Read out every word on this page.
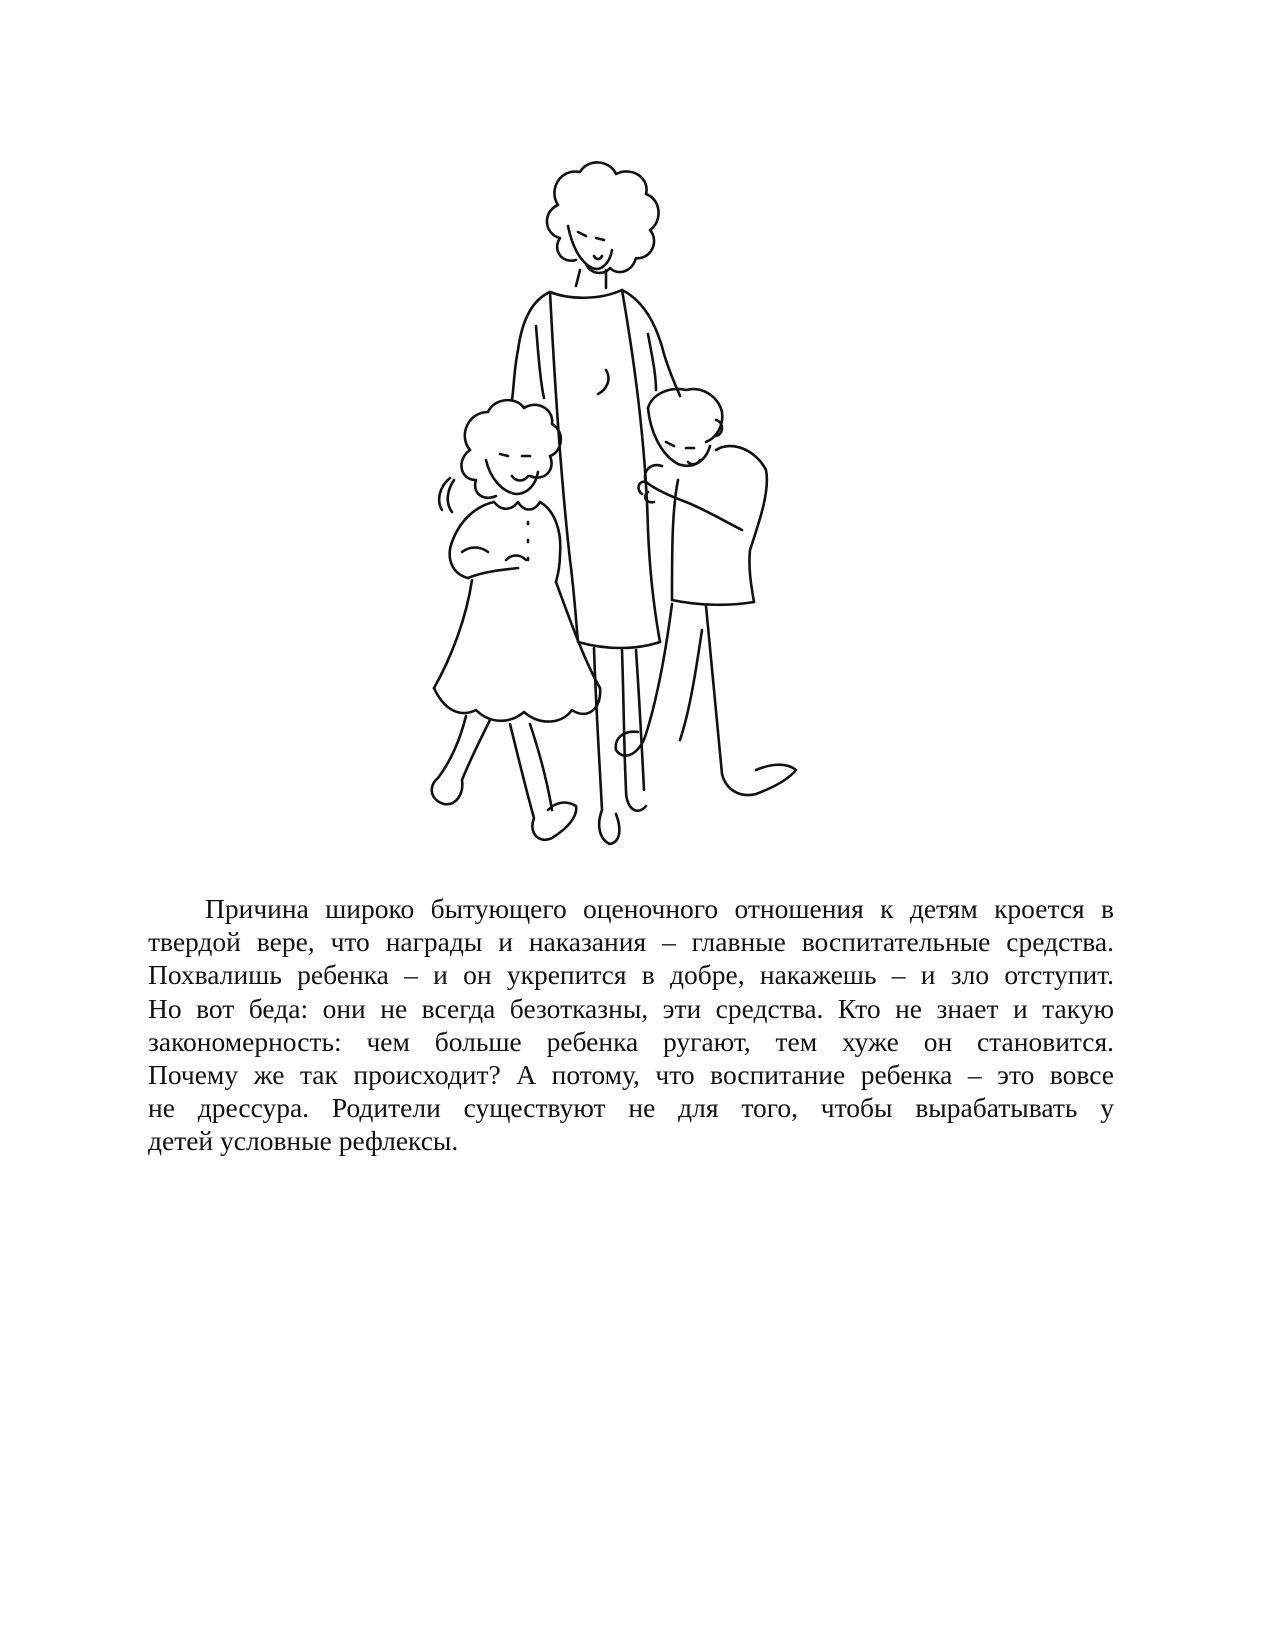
Причина широко бытующего оценочного отношения к детям кроется в
твердой вере, что награды и наказания – главные воспитательные средства.
Похвалишь ребенка – и он укрепится в добре, накажешь – и зло отступит.
Но вот беда: они не всегда безотказны, эти средства. Кто не знает и такую
закономерность: чем больше ребенка ругают, тем хуже он становится.
Почему же так происходит? А потому, что воспитание ребенка – это вовсе
не дрессура. Родители существуют не для того, чтобы вырабатывать у
детей условные рефлексы.
